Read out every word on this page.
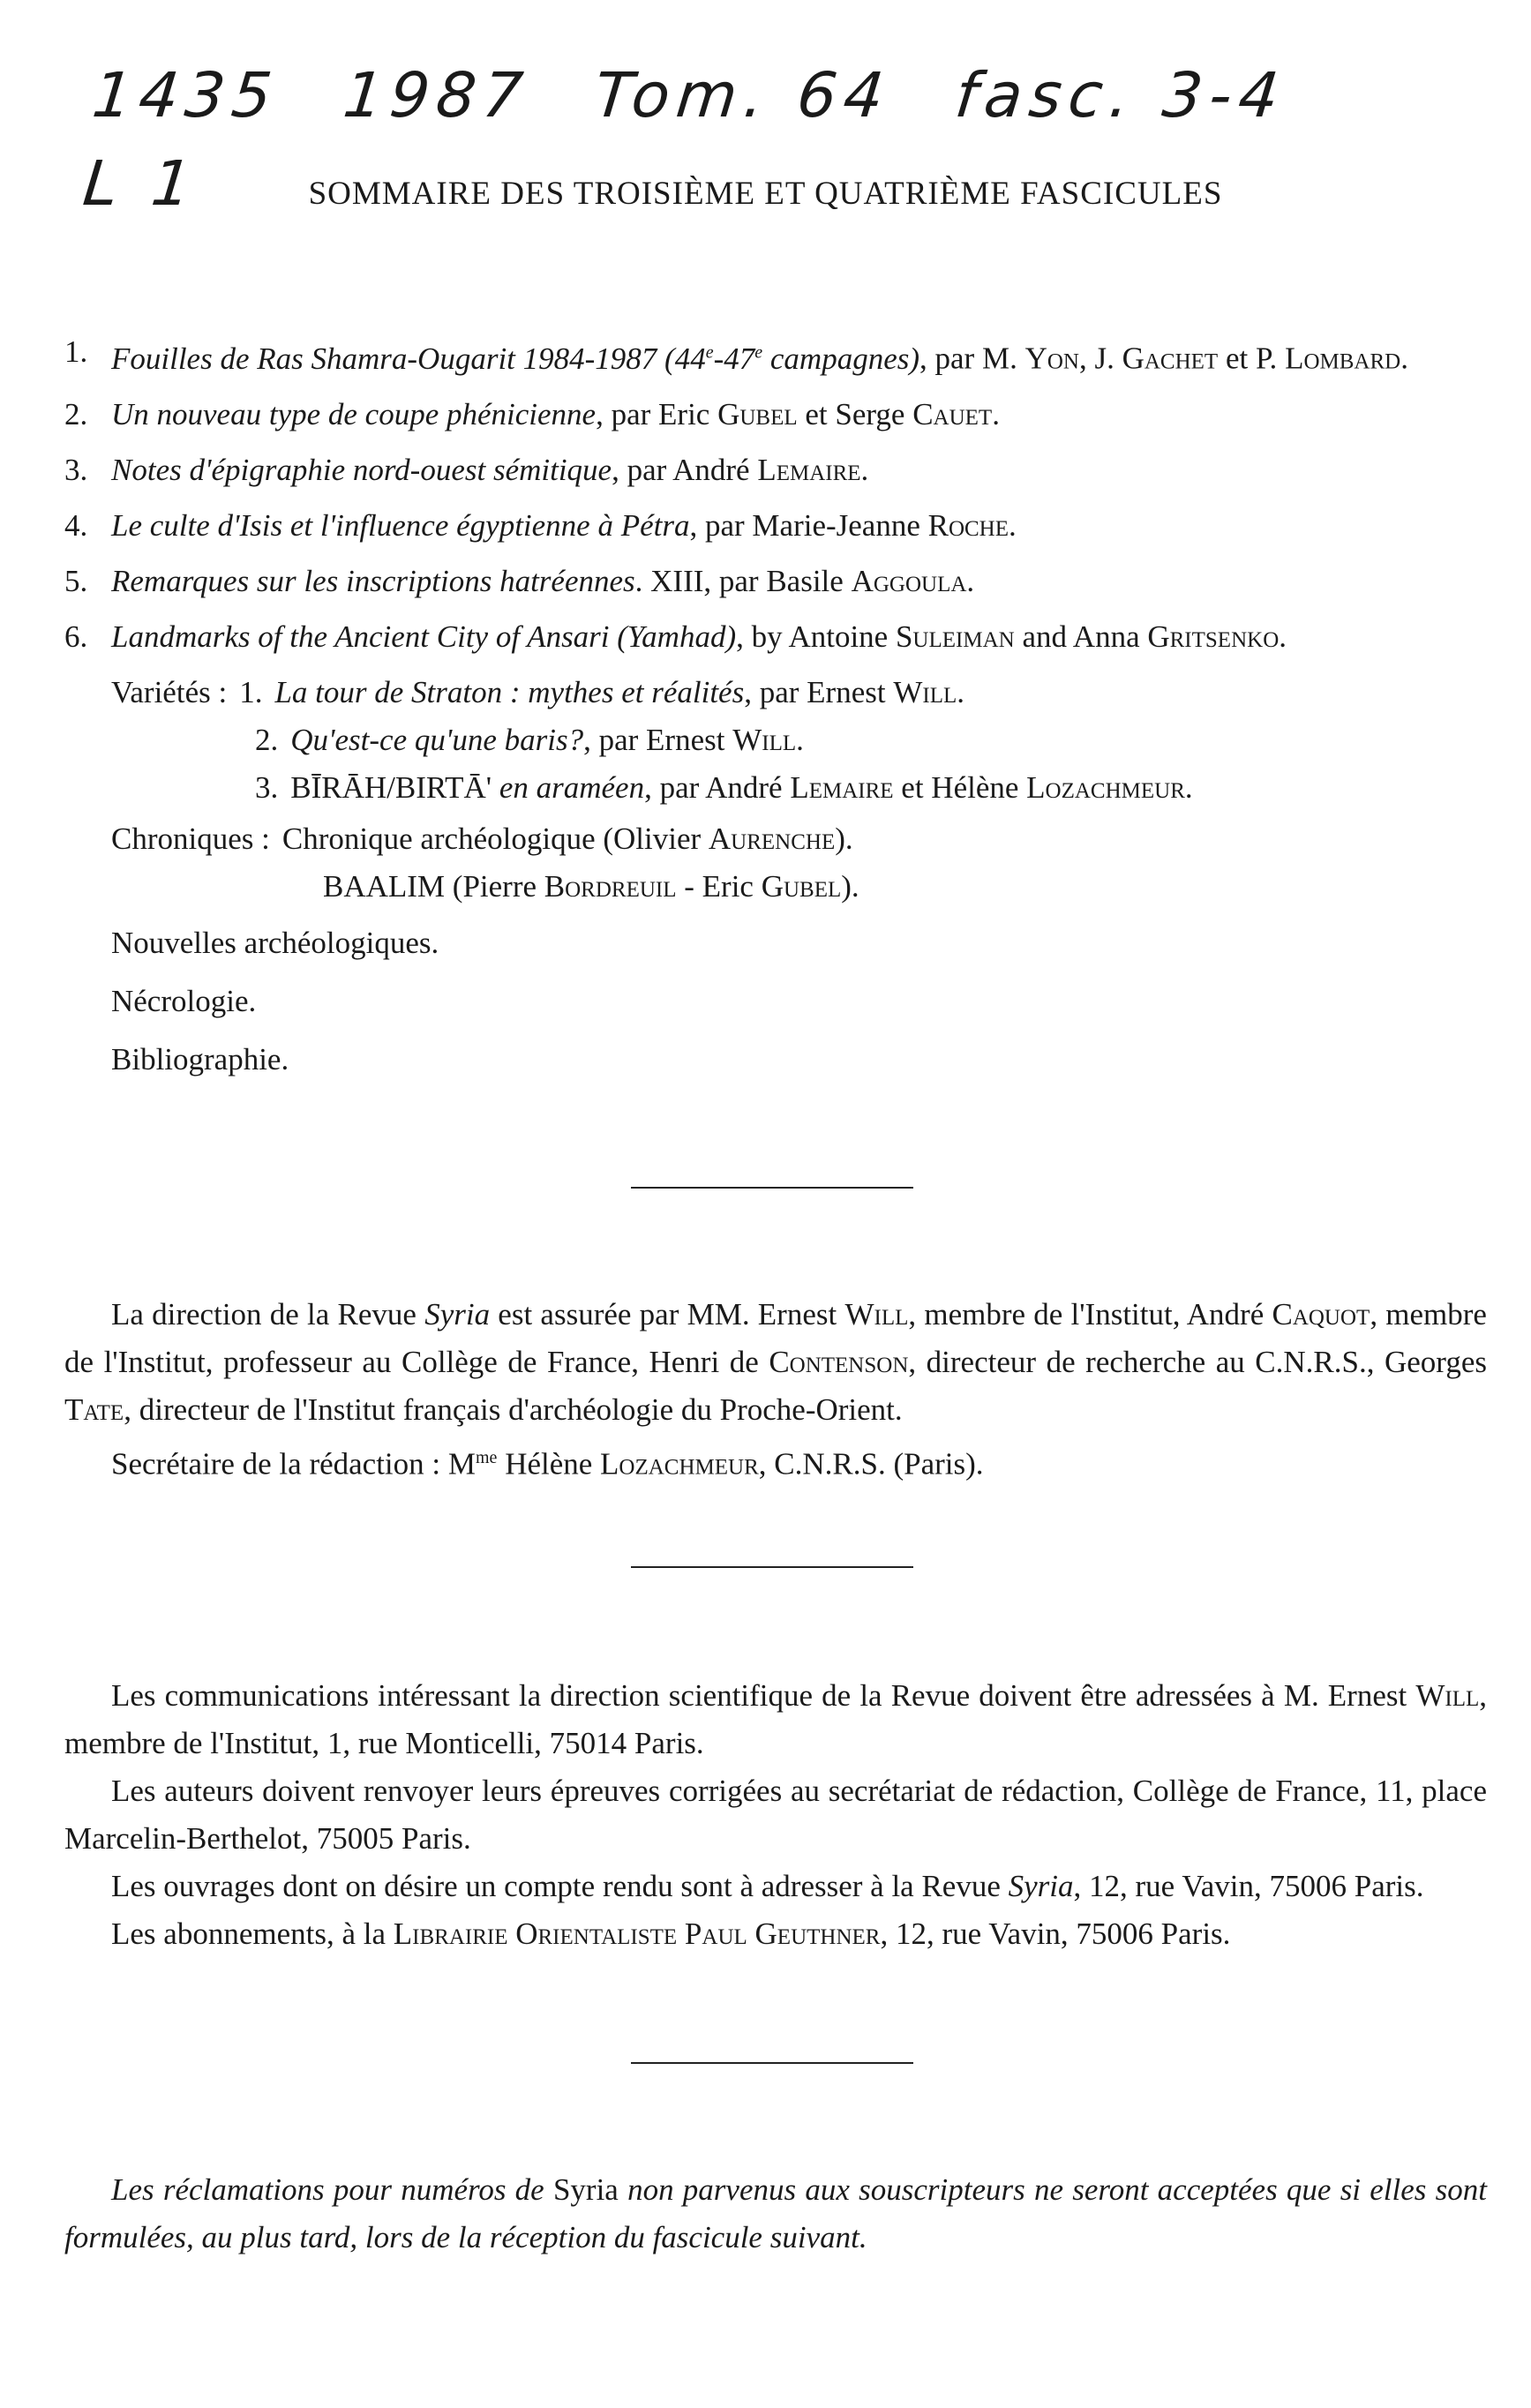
1435 1987 Tom. 64 fasc. 3-4 L 1	SOMMAIRE DES TROISIÈME ET QUATRIÈME FASCICULES
1. Fouilles de Ras Shamra-Ougarit 1984-1987 (44e-47e campagnes), par M. Yon, J. Gachet et P. Lombard.
2. Un nouveau type de coupe phénicienne, par Eric Gubel et Serge Cauet.
3. Notes d'épigraphie nord-ouest sémitique, par André Lemaire.
4. Le culte d'Isis et l'influence égyptienne à Pétra, par Marie-Jeanne Roche.
5. Remarques sur les inscriptions hatréennes. XIII, par Basile Aggoula.
6. Landmarks of the Ancient City of Ansari (Yamhad), by Antoine Suleiman and Anna Gritsenko.
Variétés : 1. La tour de Straton : mythes et réalités, par Ernest Will.
2. Qu'est-ce qu'une baris?, par Ernest Will.
3. BĪRĀH/BIRTĀ' en araméen, par André Lemaire et Hélène Lozachmeur.
Chroniques : Chronique archéologique (Olivier Aurenche).
BAALIM (Pierre Bordreuil - Eric Gubel).
Nouvelles archéologiques.
Nécrologie.
Bibliographie.

La direction de la Revue Syria est assurée par MM. Ernest Will, membre de l'Institut, André Caquot, membre de l'Institut, professeur au Collège de France, Henri de Contenson, directeur de recherche au C.N.R.S., Georges Tate, directeur de l'Institut français d'archéologie du Proche-Orient.

Secrétaire de la rédaction : $M^{me}$ Hélène Lozachmeur, C.N.R.S. (Paris).

Les communications intéressant la direction scientifique de la Revue doivent être adressées à M. Ernest Will, membre de l'Institut, 1, rue Monticelli, 75014 Paris.

Les auteurs doivent renvoyer leurs épreuves corrigées au secrétariat de rédaction, Collège de France, 11, place Marcelin-Berthelot, 75005 Paris.

Les ouvrages dont on désire un compte rendu sont à adresser à la Revue Syria, 12, rue Vavin, 75006 Paris.

Les abonnements, à la Librairie Orientaliste Paul Geuthner, 12, rue Vavin, 75006 Paris.

Les réclamations pour numéros de Syria non parvenus aux souscripteurs ne seront acceptées que si elles sont formulées, au plus tard, lors de la réception du fascicule suivant.
